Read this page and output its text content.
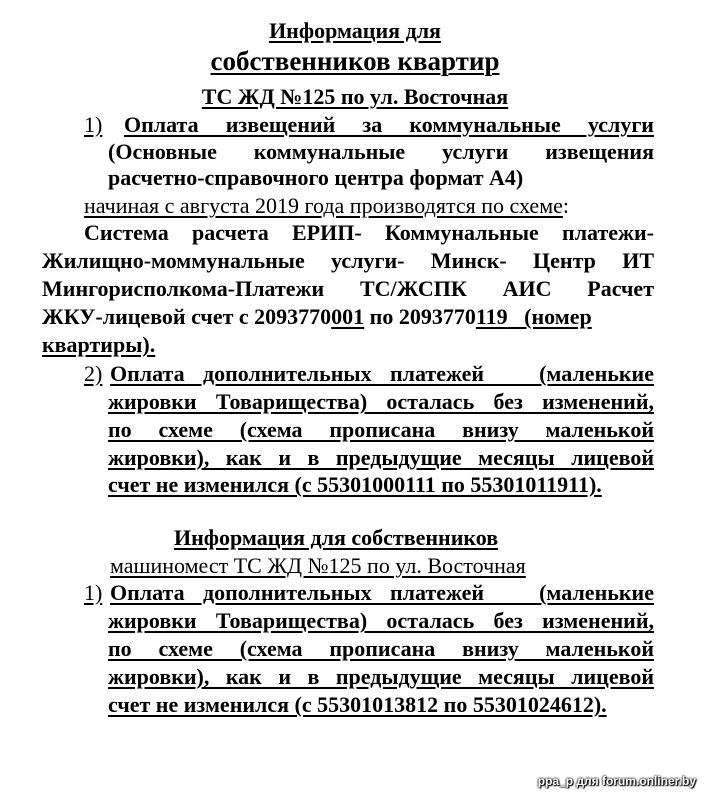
Информация для
собственников квартир
ТС ЖД №125 по ул. Восточная
1) Оплата извещений за коммунальные услуги
(Основные коммунальные услуги извещения
расчетно-справочного центра формат А4)
начиная с августа 2019 года производятся по схеме:
Система расчета ЕРИП- Коммунальные платежи-
Жилищно-моммунальные услуги- Минск- Центр ИТ
Мингорисполкома-Платежи ТС/ЖСПК АИС Расчет
ЖКУ-лицевой счет с 2093770001 по 2093770119   (номер
квартиры).
2) Оплата дополнительных платежей   (маленькие
жировки Товарищества) осталась без изменений,
по схеме (схема прописана внизу маленькой
жировки), как и в предыдущие месяцы лицевой
счет не изменился (с 55301000111 по 55301011911).
Информация для собственников
машиномест ТС ЖД №125 по ул. Восточная
1) Оплата дополнительных платежей   (маленькие
жировки Товарищества) осталась без изменений,
по схеме (схема прописана внизу маленькой
жировки), как и в предыдущие месяцы лицевой
счет не изменился (с 55301013812 по 55301024612).
ppa_p для forum.onliner.by
